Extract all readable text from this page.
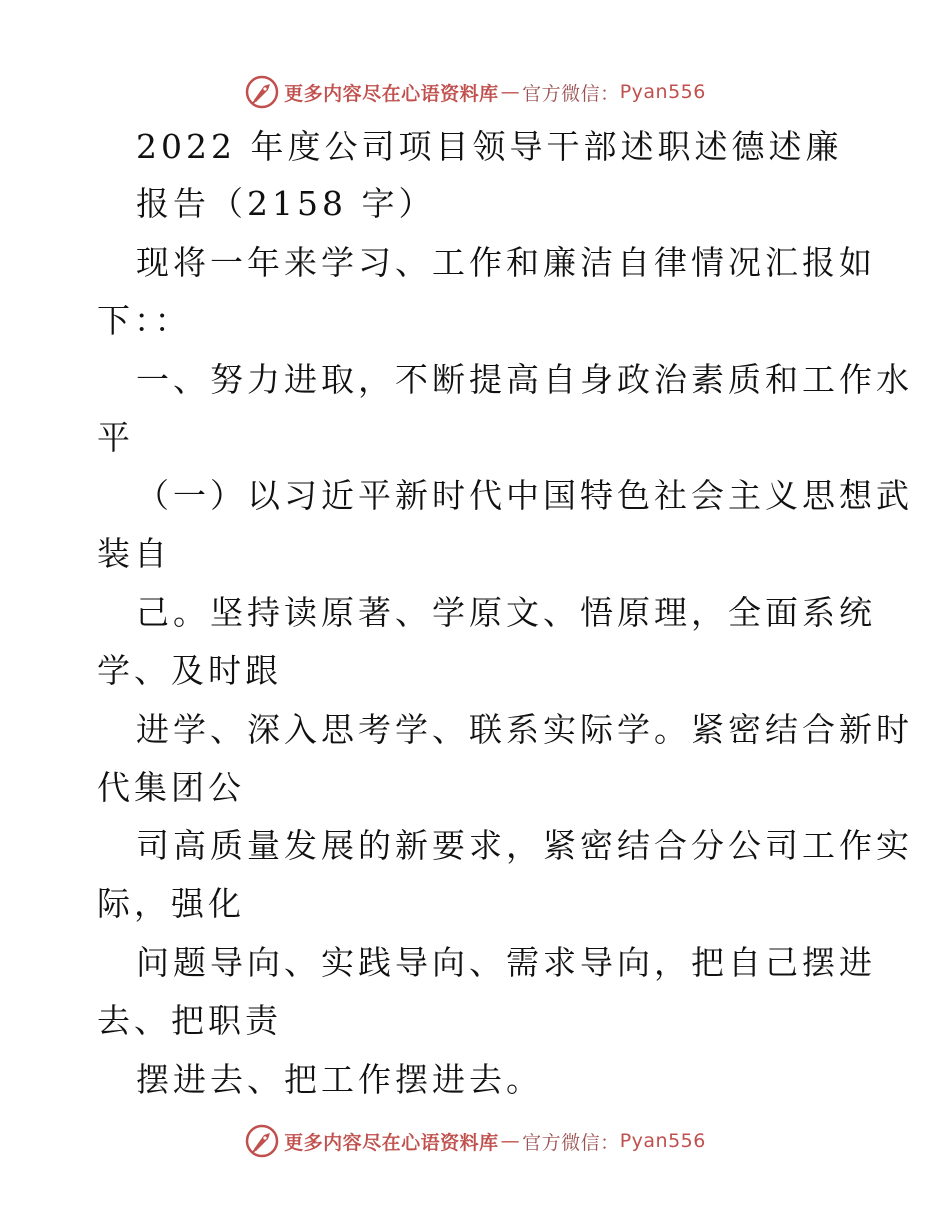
更多内容尽在心语资料库 — 官方微信： Pyan556
2022 年度公司项目领导干部述职述德述廉
报告（2158 字）
现将一年来学习、工作和廉洁自律情况汇报如
下：：
一、努力进取，不断提高自身政治素质和工作水
平
（一）以习近平新时代中国特色社会主义思想武
装自
己。坚持读原著、学原文、悟原理，全面系统
学、及时跟
进学、深入思考学、联系实际学。紧密结合新时
代集团公
司高质量发展的新要求，紧密结合分公司工作实
际，强化
问题导向、实践导向、需求导向，把自己摆进
去、把职责
摆进去、把工作摆进去。
更多内容尽在心语资料库 — 官方微信： Pyan556
